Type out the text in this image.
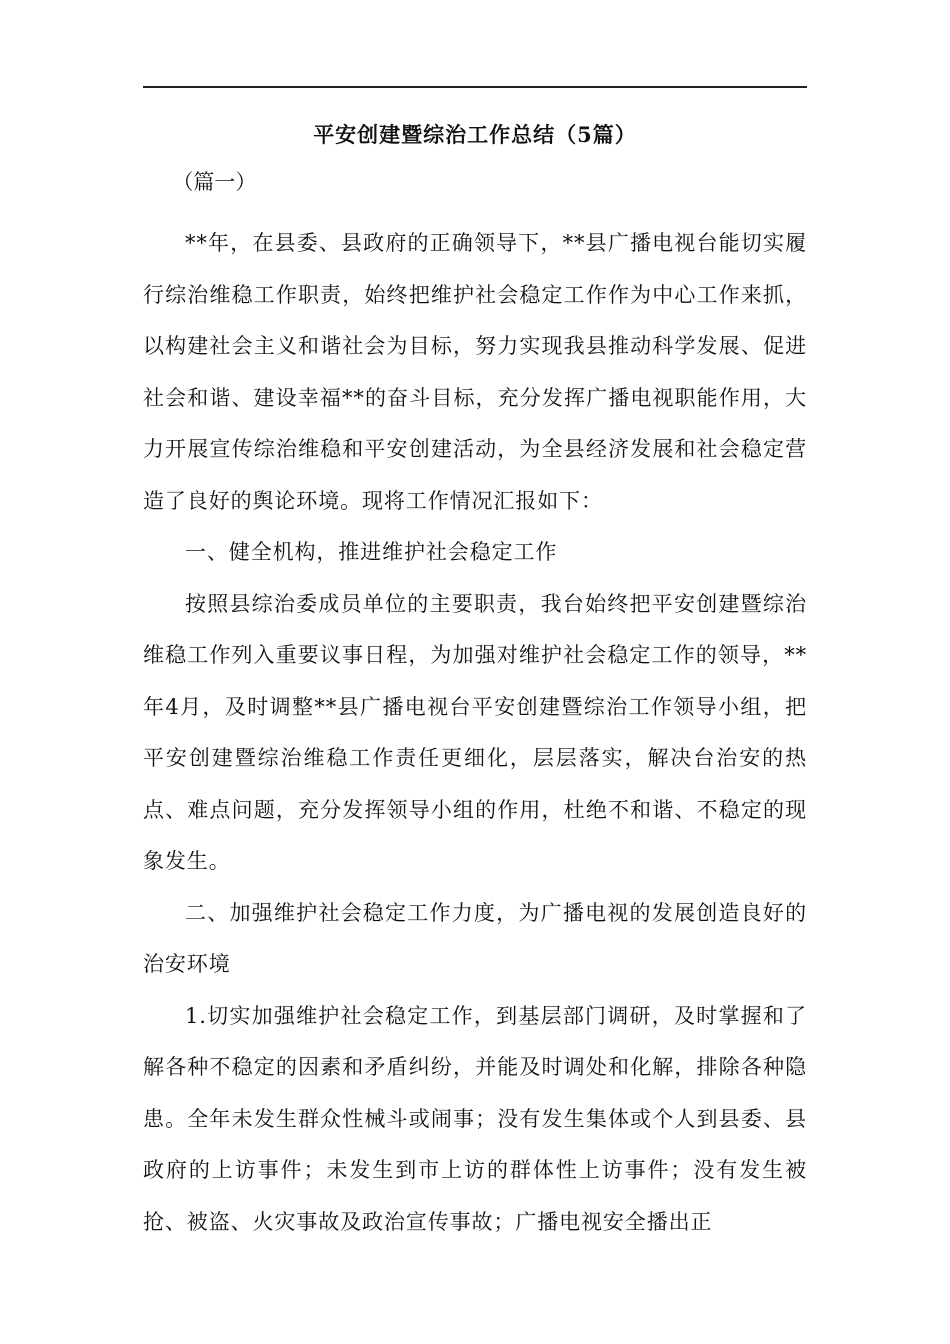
平安创建暨综治工作总结（5篇）

（篇一）

**年，在县委、县政府的正确领导下，**县广播电视台能切实履行综治维稳工作职责，始终把维护社会稳定工作作为中心工作来抓，以构建社会主义和谐社会为目标，努力实现我县推动科学发展、促进社会和谐、建设幸福**的奋斗目标，充分发挥广播电视职能作用，大力开展宣传综治维稳和平安创建活动，为全县经济发展和社会稳定营造了良好的舆论环境。现将工作情况汇报如下：

一、健全机构，推进维护社会稳定工作

按照县综治委成员单位的主要职责，我台始终把平安创建暨综治维稳工作列入重要议事日程，为加强对维护社会稳定工作的领导，**年4月，及时调整**县广播电视台平安创建暨综治工作领导小组，把平安创建暨综治维稳工作责任更细化，层层落实，解决台治安的热点、难点问题，充分发挥领导小组的作用，杜绝不和谐、不稳定的现象发生。

二、加强维护社会稳定工作力度，为广播电视的发展创造良好的治安环境

1.切实加强维护社会稳定工作，到基层部门调研，及时掌握和了解各种不稳定的因素和矛盾纠纷，并能及时调处和化解，排除各种隐患。全年未发生群众性械斗或闹事；没有发生集体或个人到县委、县政府的上访事件；未发生到市上访的群体性上访事件；没有发生被抢、被盗、火灾事故及政治宣传事故；广播电视安全播出正
